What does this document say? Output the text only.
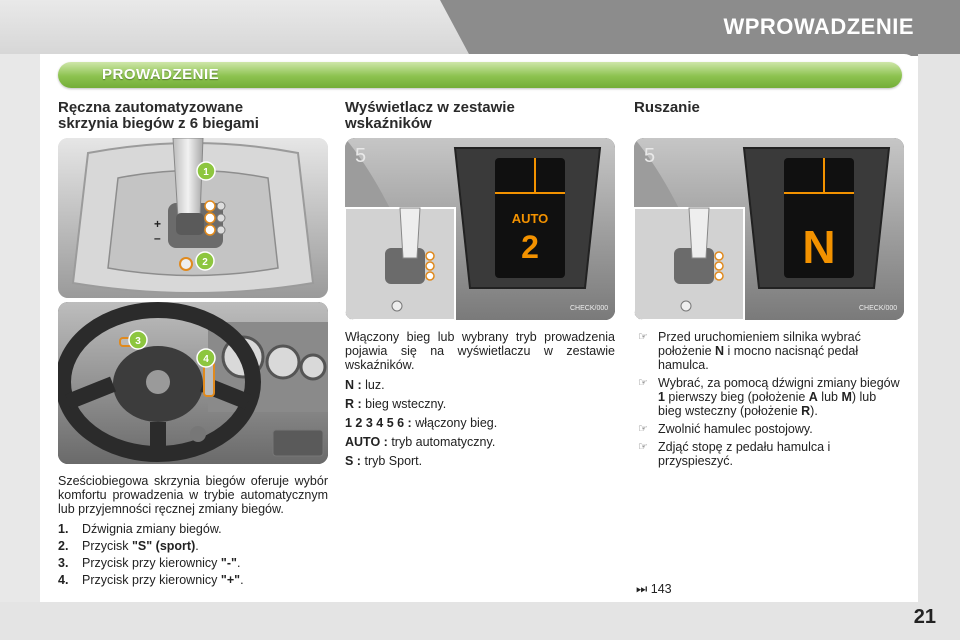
WPROWADZENIE
PROWADZENIE
Ręczna zautomatyzowane
skrzynia biegów z 6 biegami
+
–
1
2
3
4

Sześciobiegowa skrzynia biegów oferuje wybór komfortu prowadzenia w trybie automatycznym lub przyjemności ręcznej zmiany biegów.

1.	Dźwignia zmiany biegów.
2.	Przycisk "S" (sport).
3.	Przycisk przy kierownicy "-".
4.	Przycisk przy kierownicy "+".
Wyświetlacz w zestawie
wskaźników
5
AUTO
2
CHECK/000

Włączony bieg lub wybrany tryb prowadzenia pojawia się na wyświetlaczu w zestawie wskaźników.

N : luz.

R : bieg wsteczny.

1 2 3 4 5 6 : włączony bieg.

AUTO : tryb automatyczny.

S : tryb Sport.

Ruszanie
5
N
CHECK/000
☞ Przed uruchomieniem silnika wybrać położenie N i mocno nacisnąć pedał hamulca.
☞ Wybrać, za pomocą dźwigni zmiany biegów 1 pierwszy bieg (położenie A lub M) lub bieg wsteczny (położenie R).
☞ Zwolnić hamulec postojowy.
☞ Zdjąć stopę z pedału hamulca i przyspieszyć.
⏭ 143
21
